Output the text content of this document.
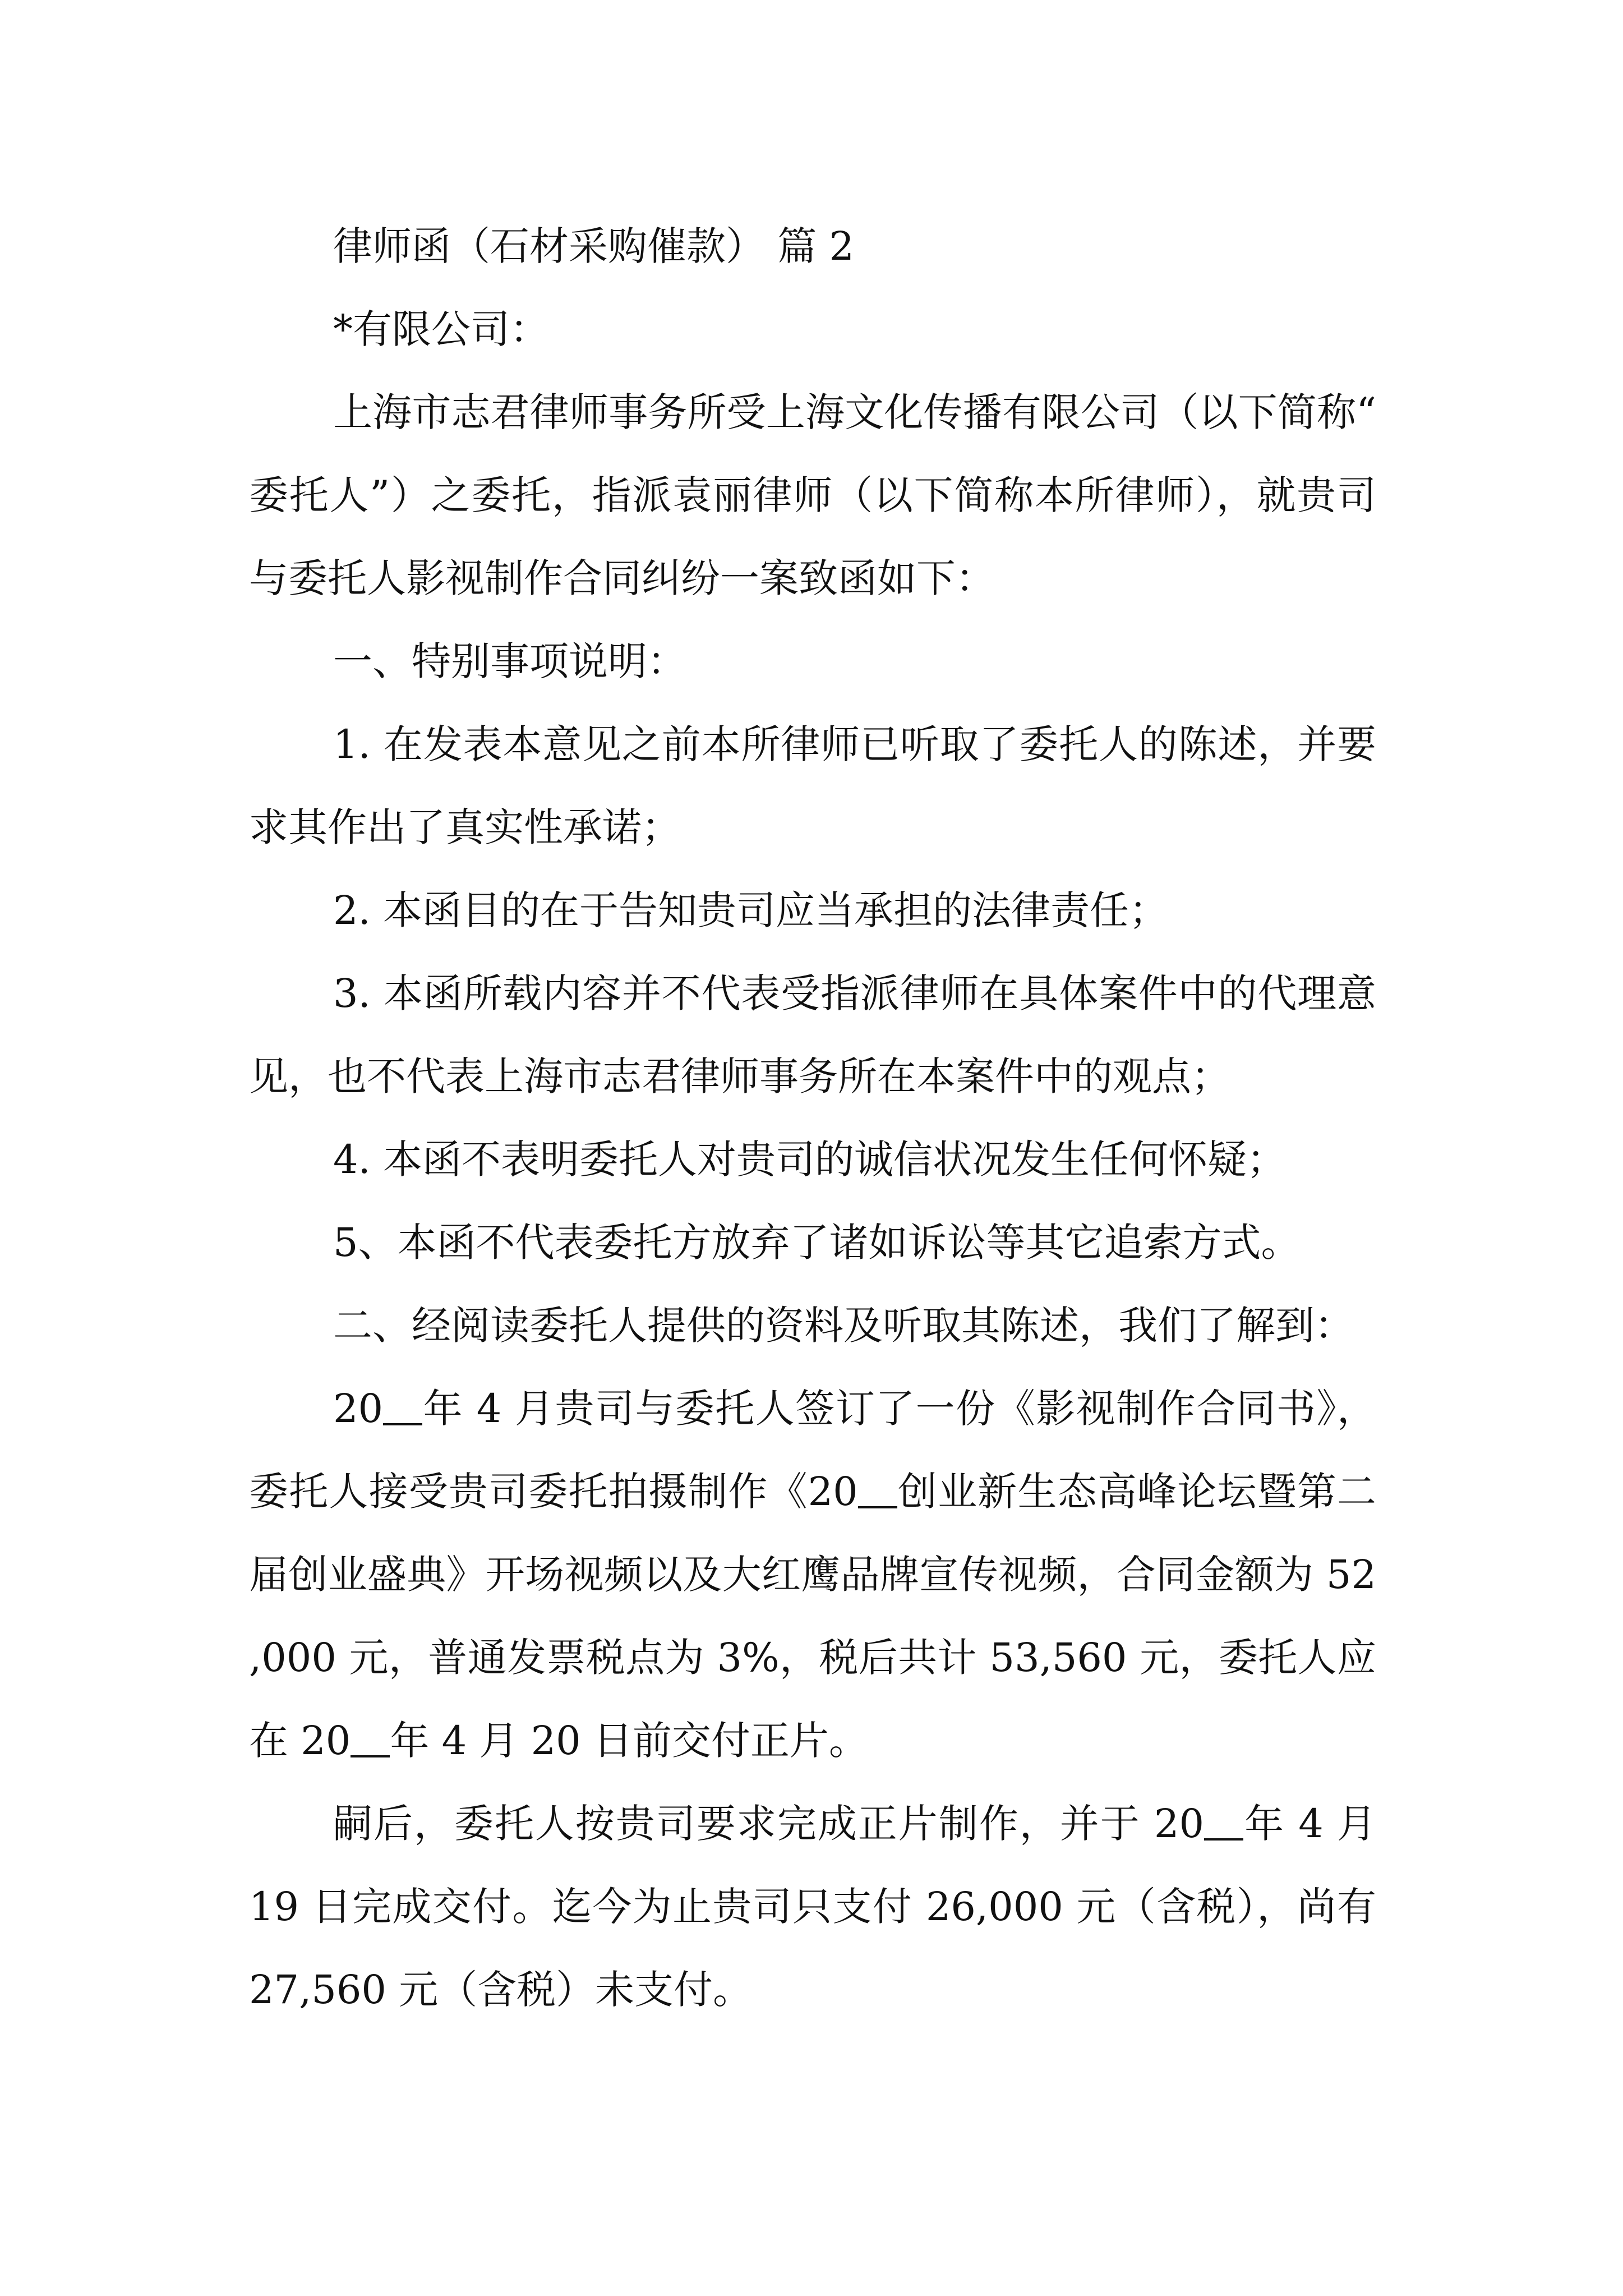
律师函（石材采购催款） 篇 2

*有限公司：

上海市志君律师事务所受上海文化传播有限公司（以下简称“委托人”）之委托，指派袁丽律师（以下简称本所律师），就贵司与委托人影视制作合同纠纷一案致函如下：

一、特别事项说明：

1. 在发表本意见之前本所律师已听取了委托人的陈述，并要求其作出了真实性承诺；

2. 本函目的在于告知贵司应当承担的法律责任；

3. 本函所载内容并不代表受指派律师在具体案件中的代理意见，也不代表上海市志君律师事务所在本案件中的观点；

4. 本函不表明委托人对贵司的诚信状况发生任何怀疑；

5、本函不代表委托方放弃了诸如诉讼等其它追索方式。

二、经阅读委托人提供的资料及听取其陈述，我们了解到：

20 年 4 月贵司与委托人签订了一份《影视制作合同书》，委托人接受贵司委托拍摄制作《20 创业新生态高峰论坛暨第二届创业盛典》开场视频以及大红鹰品牌宣传视频，合同金额为 52,000 元，普通发票税点为 3%，税后共计 53,560 元，委托人应在 20 年 4 月 20 日前交付正片。

嗣后，委托人按贵司要求完成正片制作，并于 20 年 4 月 19 日完成交付。迄今为止贵司只支付 26,000 元（含税），尚有 27,560 元（含税）未支付。
